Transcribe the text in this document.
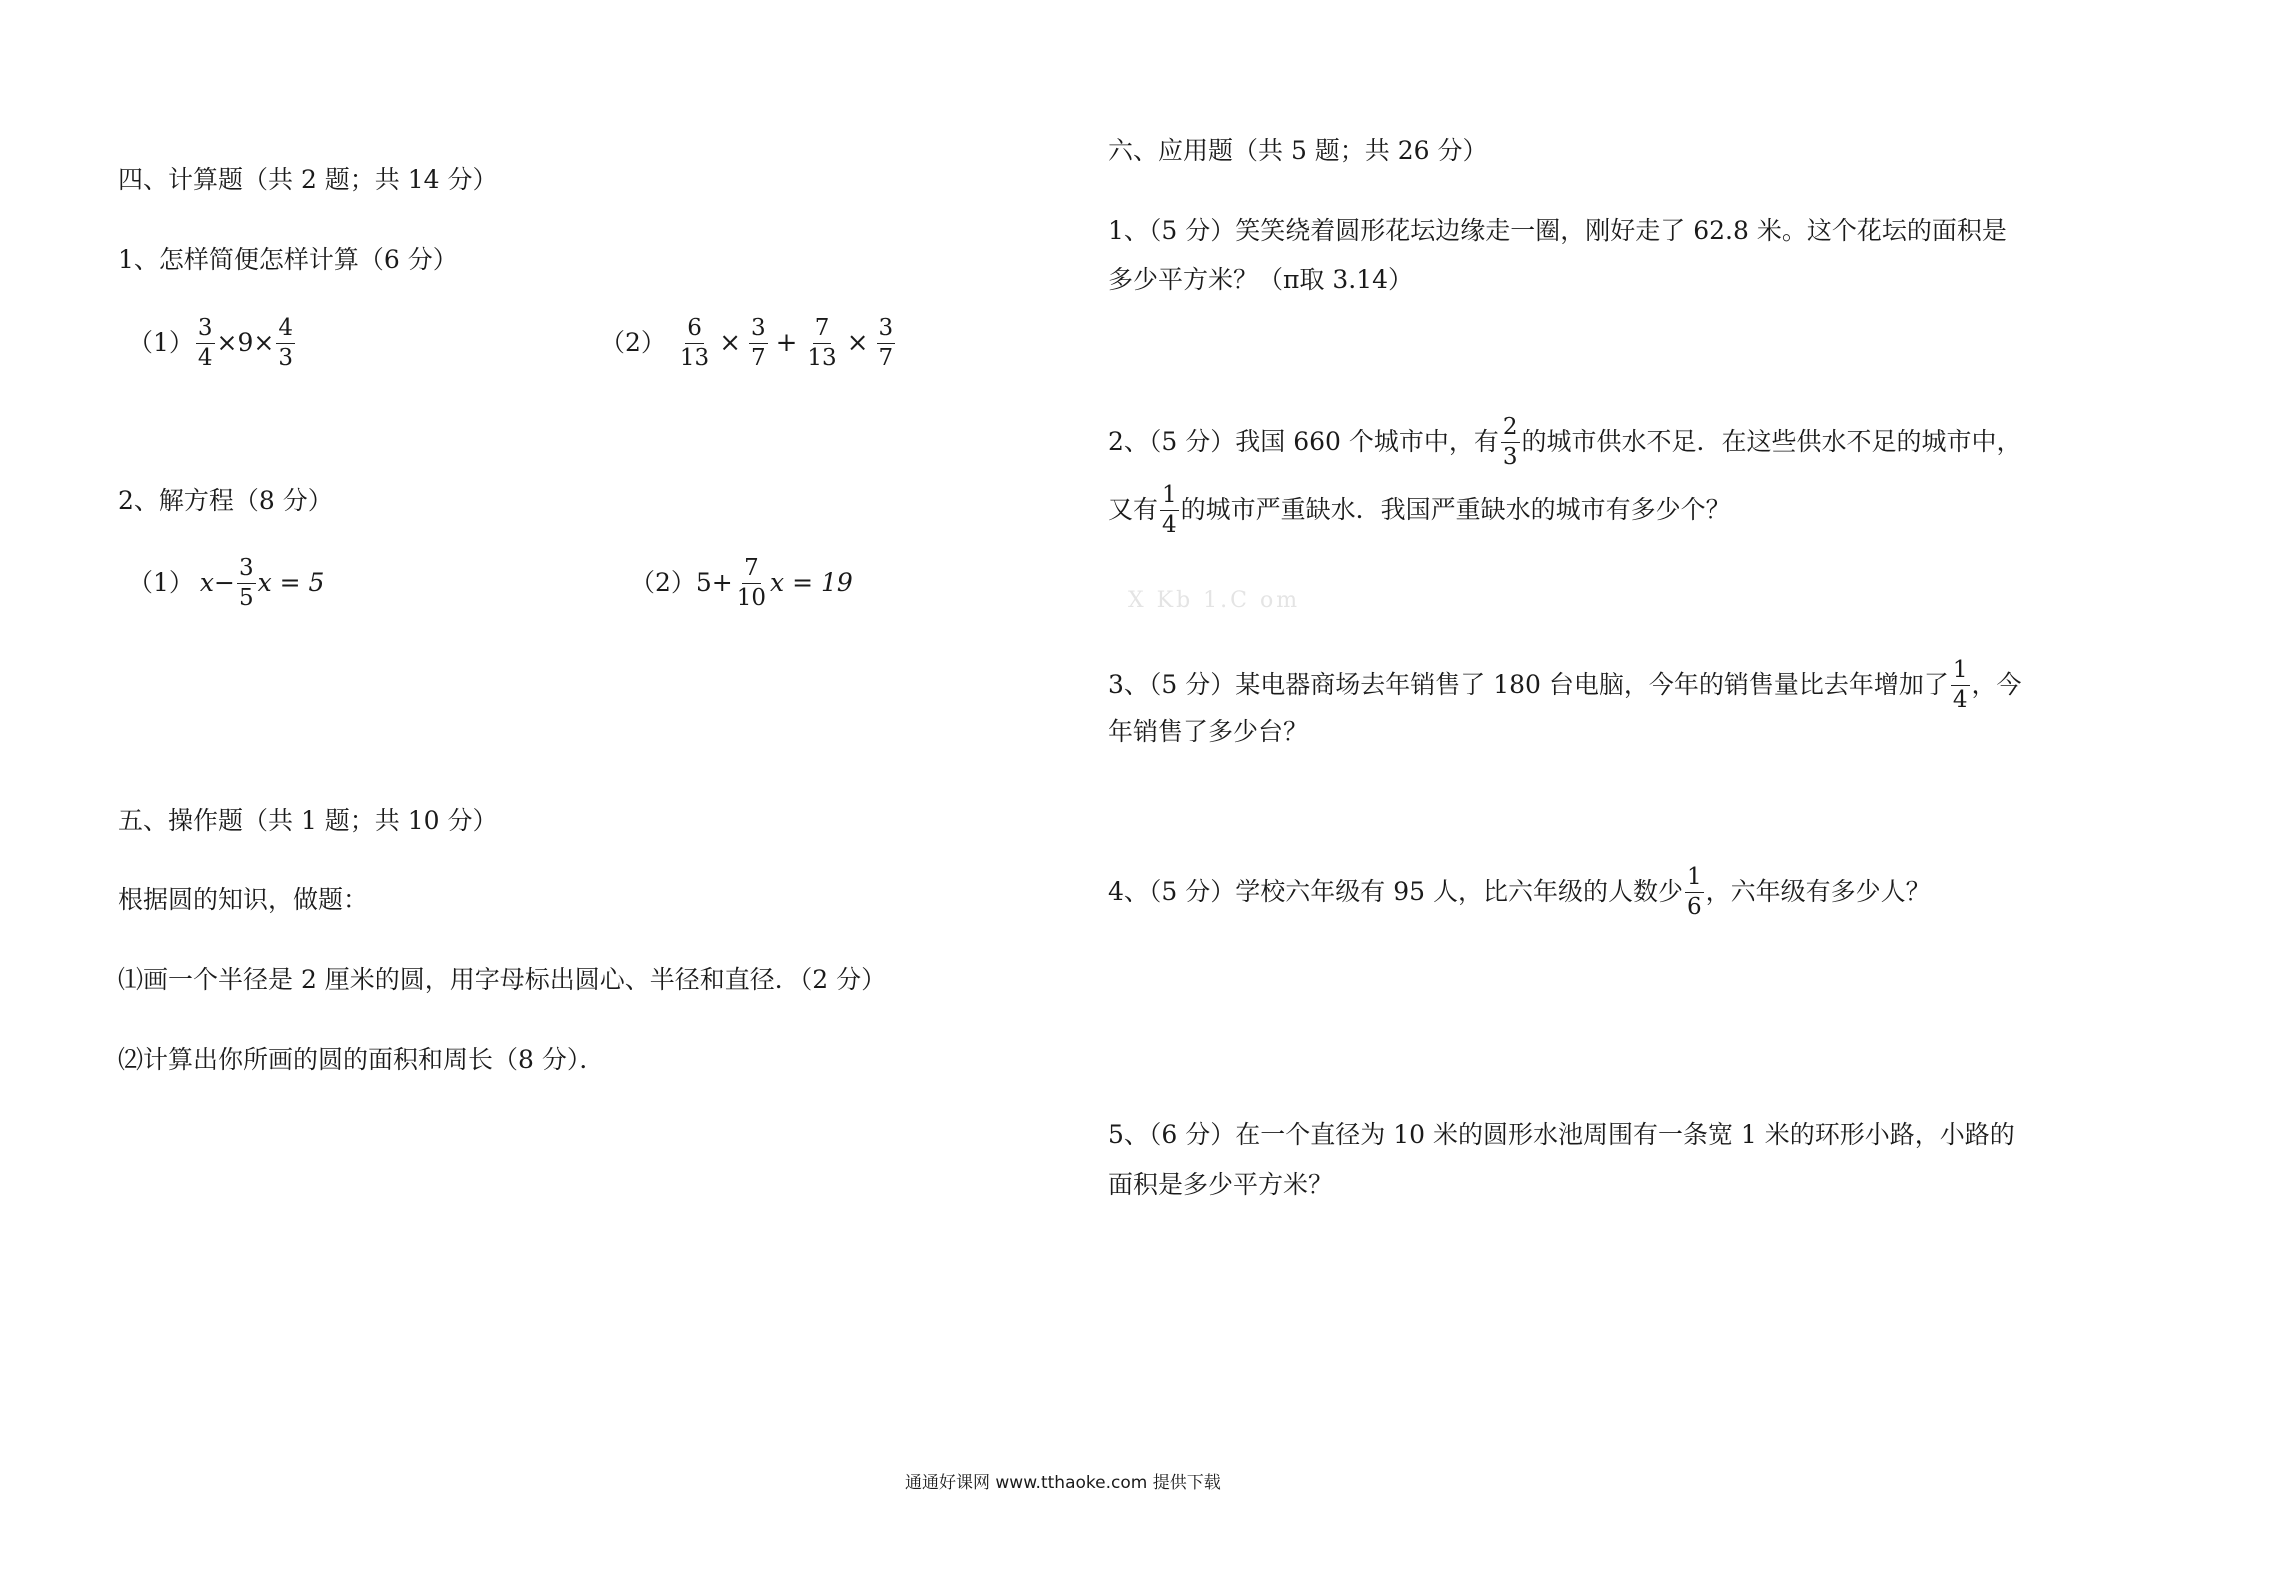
四、计算题（共 2 题；共 14 分）
1、怎样简便怎样计算（6 分）
$(1) \frac{3}{4} \times 9\times \frac{4}{3}$	$(2) \frac{6}{13} \times \frac{3}{7} + \frac{7}{13} \times \frac{3}{7}$
2、解方程（8 分）
（1） $x - \frac{3}{5}$ x = 5	（2） $5+ \frac{7}{10}$ x = 19
五、操作题（共 1 题；共 10 分）
根据圆的知识，做题：
⑴画一个半径是 2 厘米的圆，用字母标出圆心、半径和直径．（2 分）
⑵计算出你所画的圆的面积和周长（8 分）．
六、应用题（共 5 题；共 26 分）
1、（5 分）笑笑绕着圆形花坛边缘走一圈，刚好走了 62.8 米。这个花坛的面积是
多少平方米？（π取 3.14）
2、（5 分）我国 660 个城市中，有 $\frac{2}{3}$ 的城市供水不足．在这些供水不足的城市中，
又有 $\frac{1}{4}$ 的城市严重缺水．我国严重缺水的城市有多少个？
X Kb 1.C om
3、（5 分）某电器商场去年销售了 180 台电脑，今年的销售量比去年增加了 $\frac{1}{4}$ ，今
年销售了多少台？
4、（5 分）学校六年级有 95 人，比六年级的人数少 $\frac{1}{6}$ ，六年级有多少人？
5、（6 分）在一个直径为 10 米的圆形水池周围有一条宽 1 米的环形小路，小路的
面积是多少平方米？
通通好课网 www.tthaoke.com 提供下载
